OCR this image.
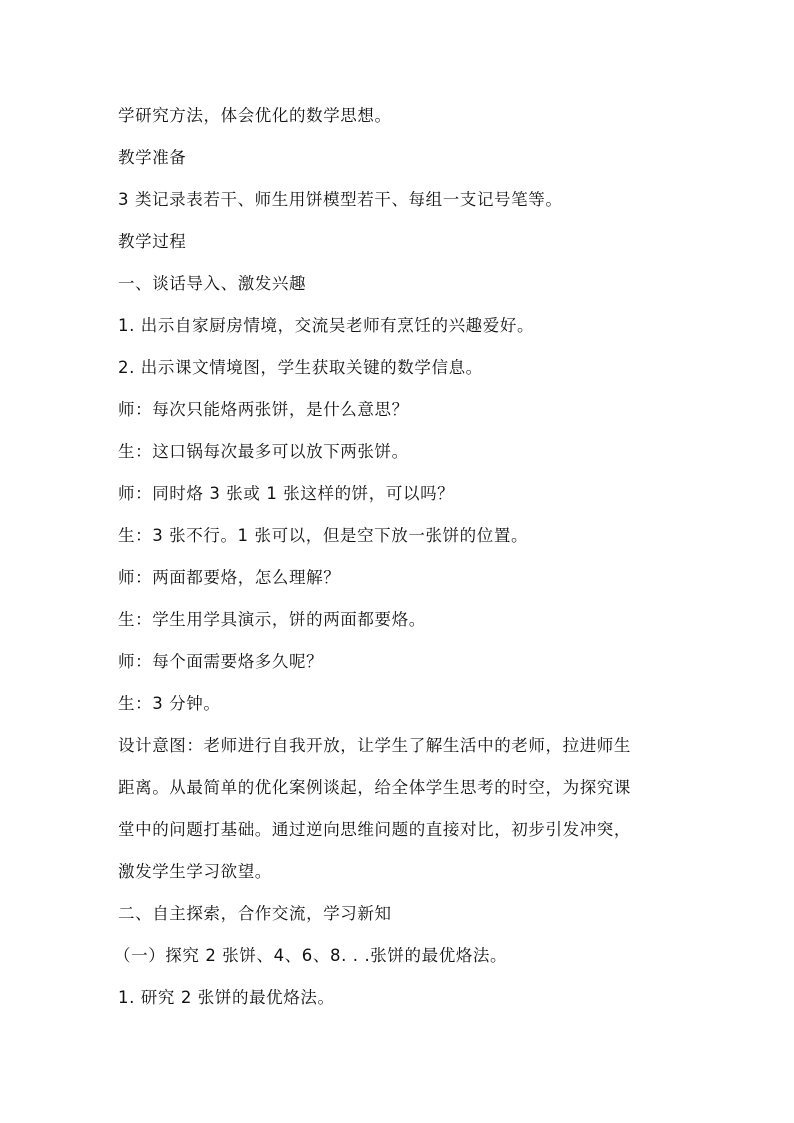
学研究方法，体会优化的数学思想。
教学准备
3 类记录表若干、师生用饼模型若干、每组一支记号笔等。
教学过程
一、谈话导入、激发兴趣
1. 出示自家厨房情境，交流吴老师有烹饪的兴趣爱好。
2. 出示课文情境图，学生获取关键的数学信息。
师：每次只能烙两张饼，是什么意思？
生：这口锅每次最多可以放下两张饼。
师：同时烙 3 张或 1 张这样的饼，可以吗？
生：3 张不行。1 张可以，但是空下放一张饼的位置。
师：两面都要烙，怎么理解？
生：学生用学具演示，饼的两面都要烙。
师：每个面需要烙多久呢？
生：3 分钟。
设计意图：老师进行自我开放，让学生了解生活中的老师，拉进师生
距离。从最简单的优化案例谈起，给全体学生思考的时空，为探究课
堂中的问题打基础。通过逆向思维问题的直接对比，初步引发冲突，
激发学生学习欲望。
二、自主探索，合作交流，学习新知
（一）探究 2 张饼、4、6、8. . .张饼的最优烙法。
1. 研究 2 张饼的最优烙法。
